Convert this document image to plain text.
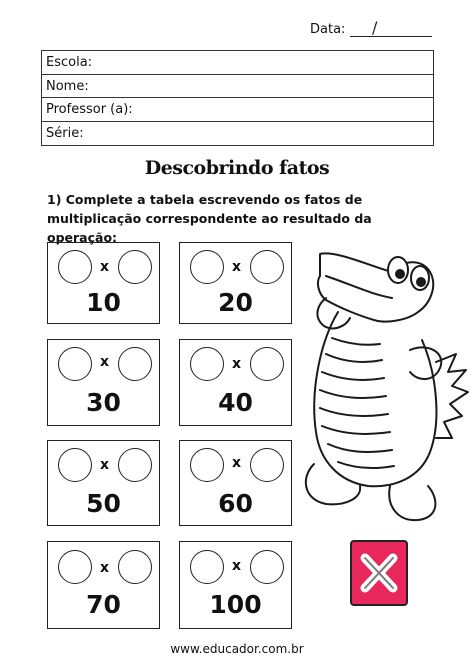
Data: /
Escola:
Nome:
Professor (a):
Série:
Descobrindo fatos
1) Complete a tabela escrevendo os fatos de multiplicação correspondente ao resultado da operação:
x
10
x
20
x
30
x
40
x
50
x
60
x
70
x
100
www.educador.com.br
